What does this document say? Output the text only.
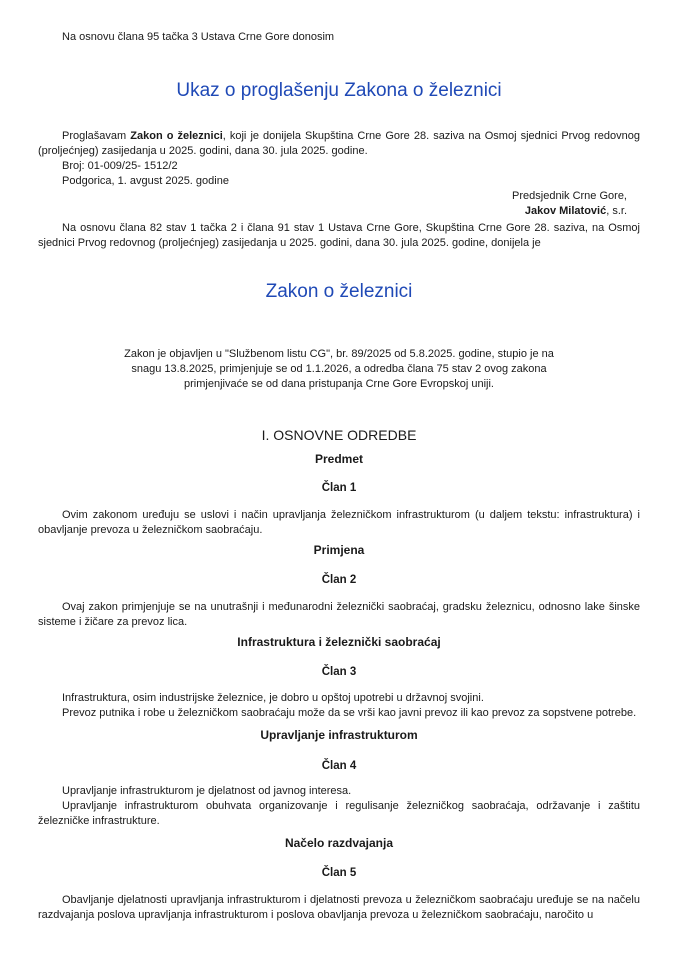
Na osnovu člana 95 tačka 3 Ustava Crne Gore donosim

Ukaz o proglašenju Zakona o železnici

Proglašavam Zakon o železnici, koji je donijela Skupština Crne Gore 28. saziva na Osmoj sjednici Prvog redovnog (proljećnjeg) zasijedanja u 2025. godini, dana 30. jula 2025. godine.

Broj: 01-009/25- 1512/2

Podgorica, 1. avgust 2025. godine

Predsjednik Crne Gore,

Jakov Milatović, s.r.

Na osnovu člana 82 stav 1 tačka 2 i člana 91 stav 1 Ustava Crne Gore, Skupština Crne Gore 28. saziva, na Osmoj sjednici Prvog redovnog (proljećnjeg) zasijedanja u 2025. godini, dana 30. jula 2025. godine, donijela je

Zakon o železnici

Zakon je objavljen u "Službenom listu CG", br. 89/2025 od 5.8.2025. godine, stupio je na snagu 13.8.2025, primjenjuje se od 1.1.2026, a odredba člana 75 stav 2 ovog zakona primjenjivaće se od dana pristupanja Crne Gore Evropskoj uniji.

I. OSNOVNE ODREDBE
Predmet
Član 1

Ovim zakonom uređuju se uslovi i način upravljanja železničkom infrastrukturom (u daljem tekstu: infrastruktura) i obavljanje prevoza u železničkom saobraćaju.

Primjena
Član 2

Ovaj zakon primjenjuje se na unutrašnji i međunarodni železnički saobraćaj, gradsku železnicu, odnosno lake šinske sisteme i žičare za prevoz lica.

Infrastruktura i železnički saobraćaj
Član 3

Infrastruktura, osim industrijske železnice, je dobro u opštoj upotrebi u državnoj svojini.

Prevoz putnika i robe u železničkom saobraćaju može da se vrši kao javni prevoz ili kao prevoz za sopstvene potrebe.

Upravljanje infrastrukturom
Član 4

Upravljanje infrastrukturom je djelatnost od javnog interesa.

Upravljanje infrastrukturom obuhvata organizovanje i regulisanje železničkog saobraćaja, održavanje i zaštitu železničke infrastrukture.

Načelo razdvajanja
Član 5

Obavljanje djelatnosti upravljanja infrastrukturom i djelatnosti prevoza u železničkom saobraćaju uređuje se na načelu razdvajanja poslova upravljanja infrastrukturom i poslova obavljanja prevoza u železničkom saobraćaju, naročito u
